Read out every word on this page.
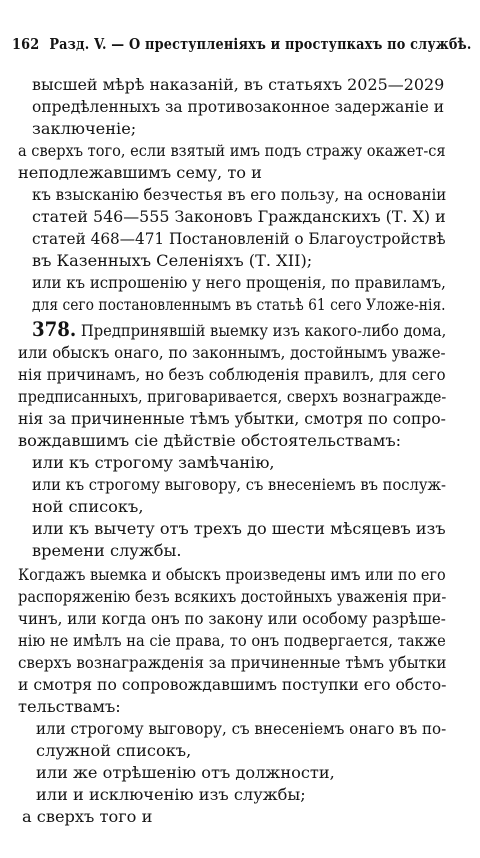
162 Разд. V. — О преступленіяхъ и проступкахъ по службѣ.
высшей мѣрѣ наказаній, въ статьяхъ 2025—2029
опредѣленныхъ за противозаконное задержаніе и
заключеніе;
а сверхъ того, если взятый имъ подъ стражу окажет-ся
неподлежавшимъ сему, то и
къ взысканію безчестья въ его пользу, на основаніи
статей 546—555 Законовъ Гражданскихъ (Т. X) и
статей 468—471 Постановленій о Благоустройствѣ
въ Казенныхъ Селеніяхъ (Т. XII);
или къ испрошенію у него прощенія, по правиламъ,
для сего постановленнымъ въ статьѣ 61 сего Уложе-нія.
378. Предпринявшій выемку изъ какого-либо дома,
или обыскъ онаго, по законнымъ, достойнымъ уваже-
нія причинамъ, но безъ соблюденія правилъ, для сего
предписанныхъ, приговаривается, сверхъ вознагражде-
нія за причиненные тѣмъ убытки, смотря по сопро-
вождавшимъ сіе дѣйствіе обстоятельствамъ:
или къ строгому замѣчанію,
или къ строгому выговору, съ внесеніемъ въ послуж-
ной списокъ,
или къ вычету отъ трехъ до шести мѣсяцевъ изъ
времени службы.
Когдажъ выемка и обыскъ произведены имъ или по его
распоряженію безъ всякихъ достойныхъ уваженія при-
чинъ, или когда онъ по закону или особому разрѣше-
нію не имѣлъ на сіе права, то онъ подвергается, также
сверхъ вознагражденія за причиненные тѣмъ убытки
и смотря по сопровождавшимъ поступки его обсто-
тельствамъ:
или строгому выговору, съ внесеніемъ онаго въ по-
служной списокъ,
или же отрѣшенію отъ должности,
или и исключенію изъ службы;
а сверхъ того и
